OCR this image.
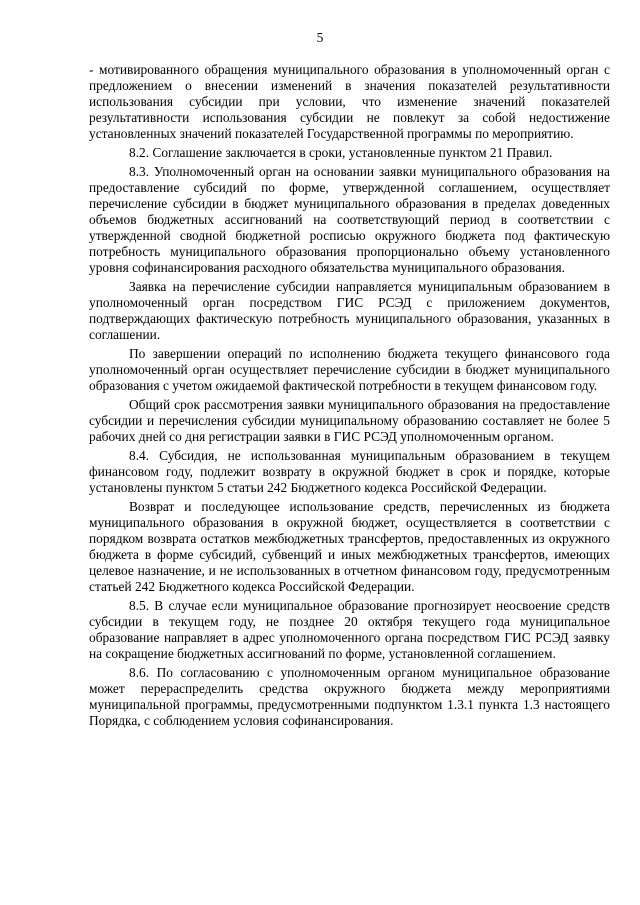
5

- мотивированного обращения муниципального образования в уполномоченный орган с предложением о внесении изменений в значения показателей результативности использования субсидии при условии, что изменение значений показателей результативности использования субсидии не повлекут за собой недостижение установленных значений показателей Государственной программы по мероприятию.

8.2. Соглашение заключается в сроки, установленные пунктом 21 Правил.

8.3. Уполномоченный орган на основании заявки муниципального образования на предоставление субсидий по форме, утвержденной соглашением, осуществляет перечисление субсидии в бюджет муниципального образования в пределах доведенных объемов бюджетных ассигнований на соответствующий период в соответствии с утвержденной сводной бюджетной росписью окружного бюджета под фактическую потребность муниципального образования пропорционально объему установленного уровня софинансирования расходного обязательства муниципального образования.

Заявка на перечисление субсидии направляется муниципальным образованием в уполномоченный орган посредством ГИС РСЭД с приложением документов, подтверждающих фактическую потребность муниципального образования, указанных в соглашении.

По завершении операций по исполнению бюджета текущего финансового года уполномоченный орган осуществляет перечисление субсидии в бюджет муниципального образования с учетом ожидаемой фактической потребности в текущем финансовом году.

Общий срок рассмотрения заявки муниципального образования на предоставление субсидии и перечисления субсидии муниципальному образованию составляет не более 5 рабочих дней со дня регистрации заявки в ГИС РСЭД уполномоченным органом.

8.4. Субсидия, не использованная муниципальным образованием в текущем финансовом году, подлежит возврату в окружной бюджет в срок и порядке, которые установлены пунктом 5 статьи 242 Бюджетного кодекса Российской Федерации.

Возврат и последующее использование средств, перечисленных из бюджета муниципального образования в окружной бюджет, осуществляется в соответствии с порядком возврата остатков межбюджетных трансфертов, предоставленных из окружного бюджета в форме субсидий, субвенций и иных межбюджетных трансфертов, имеющих целевое назначение, и не использованных в отчетном финансовом году, предусмотренным статьей 242 Бюджетного кодекса Российской Федерации.

8.5. В случае если муниципальное образование прогнозирует неосвоение средств субсидии в текущем году, не позднее 20 октября текущего года муниципальное образование направляет в адрес уполномоченного органа посредством ГИС РСЭД заявку на сокращение бюджетных ассигнований по форме, установленной соглашением.

8.6. По согласованию с уполномоченным органом муниципальное образование может перераспределить средства окружного бюджета между мероприятиями муниципальной программы, предусмотренными подпунктом 1.3.1 пункта 1.3 настоящего Порядка, с соблюдением условия софинансирования.
